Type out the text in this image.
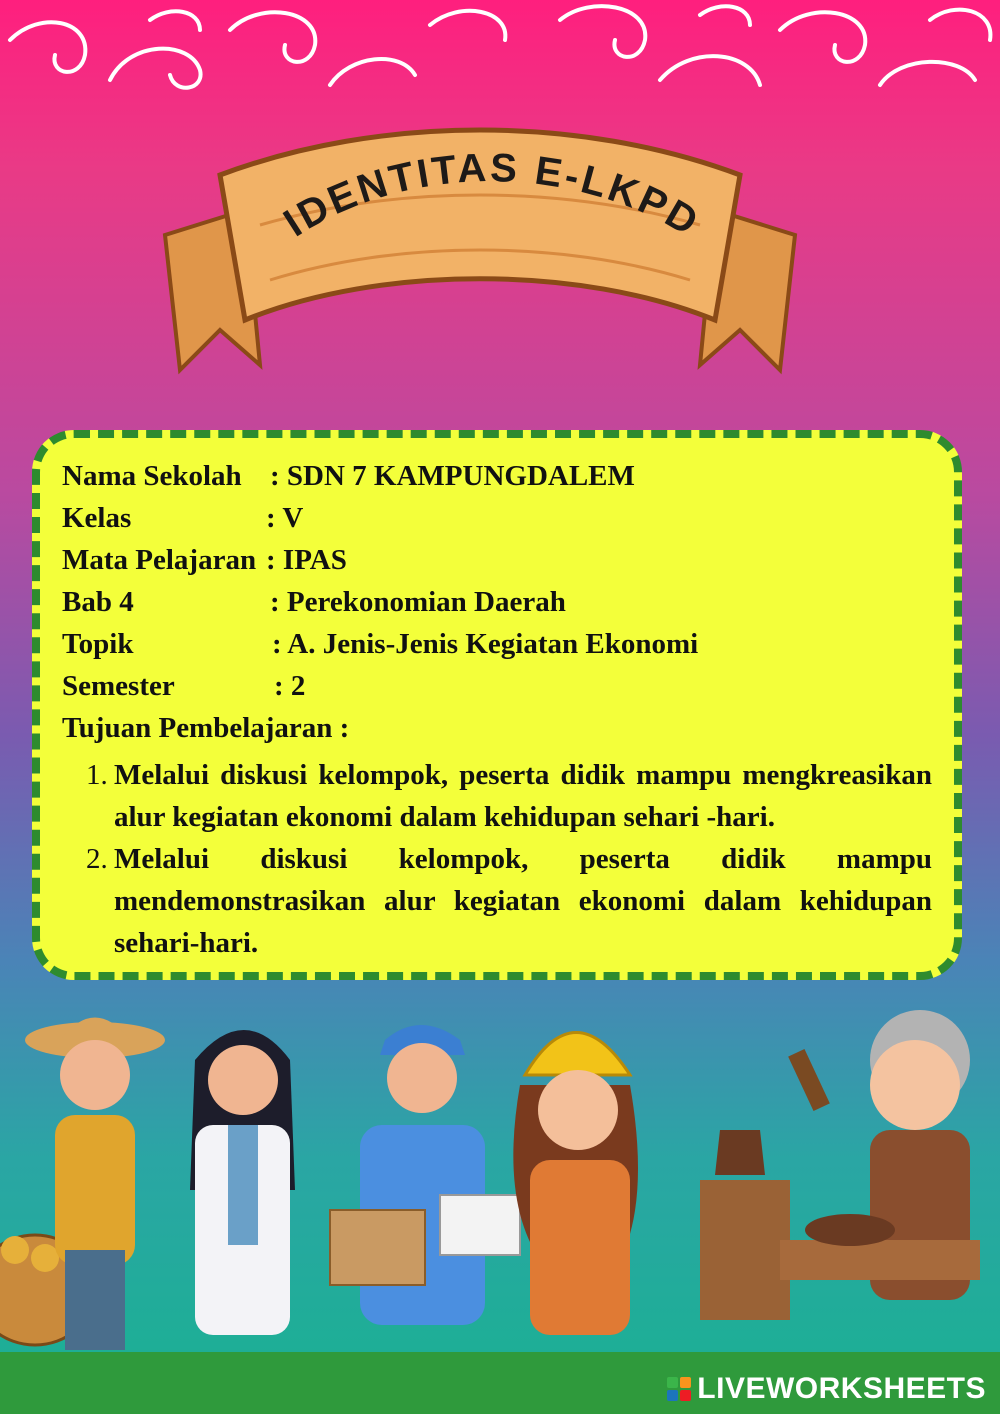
IDENTITAS E-LKPD
Nama Sekolah : SDN 7 KAMPUNGDALEM
Kelas	: V
Mata Pelajaran : IPAS
Bab 4	: Perekonomian Daerah
Topik	: A. Jenis-Jenis Kegiatan Ekonomi
Semester	: 2
Tujuan Pembelajaran :
1. Melalui diskusi kelompok, peserta didik mampu mengkreasikan alur kegiatan ekonomi dalam kehidupan sehari -hari.
2. Melalui diskusi kelompok, peserta didik mampu mendemonstrasikan alur kegiatan ekonomi dalam kehidupan sehari-hari.
LIVEWORKSHEETS
